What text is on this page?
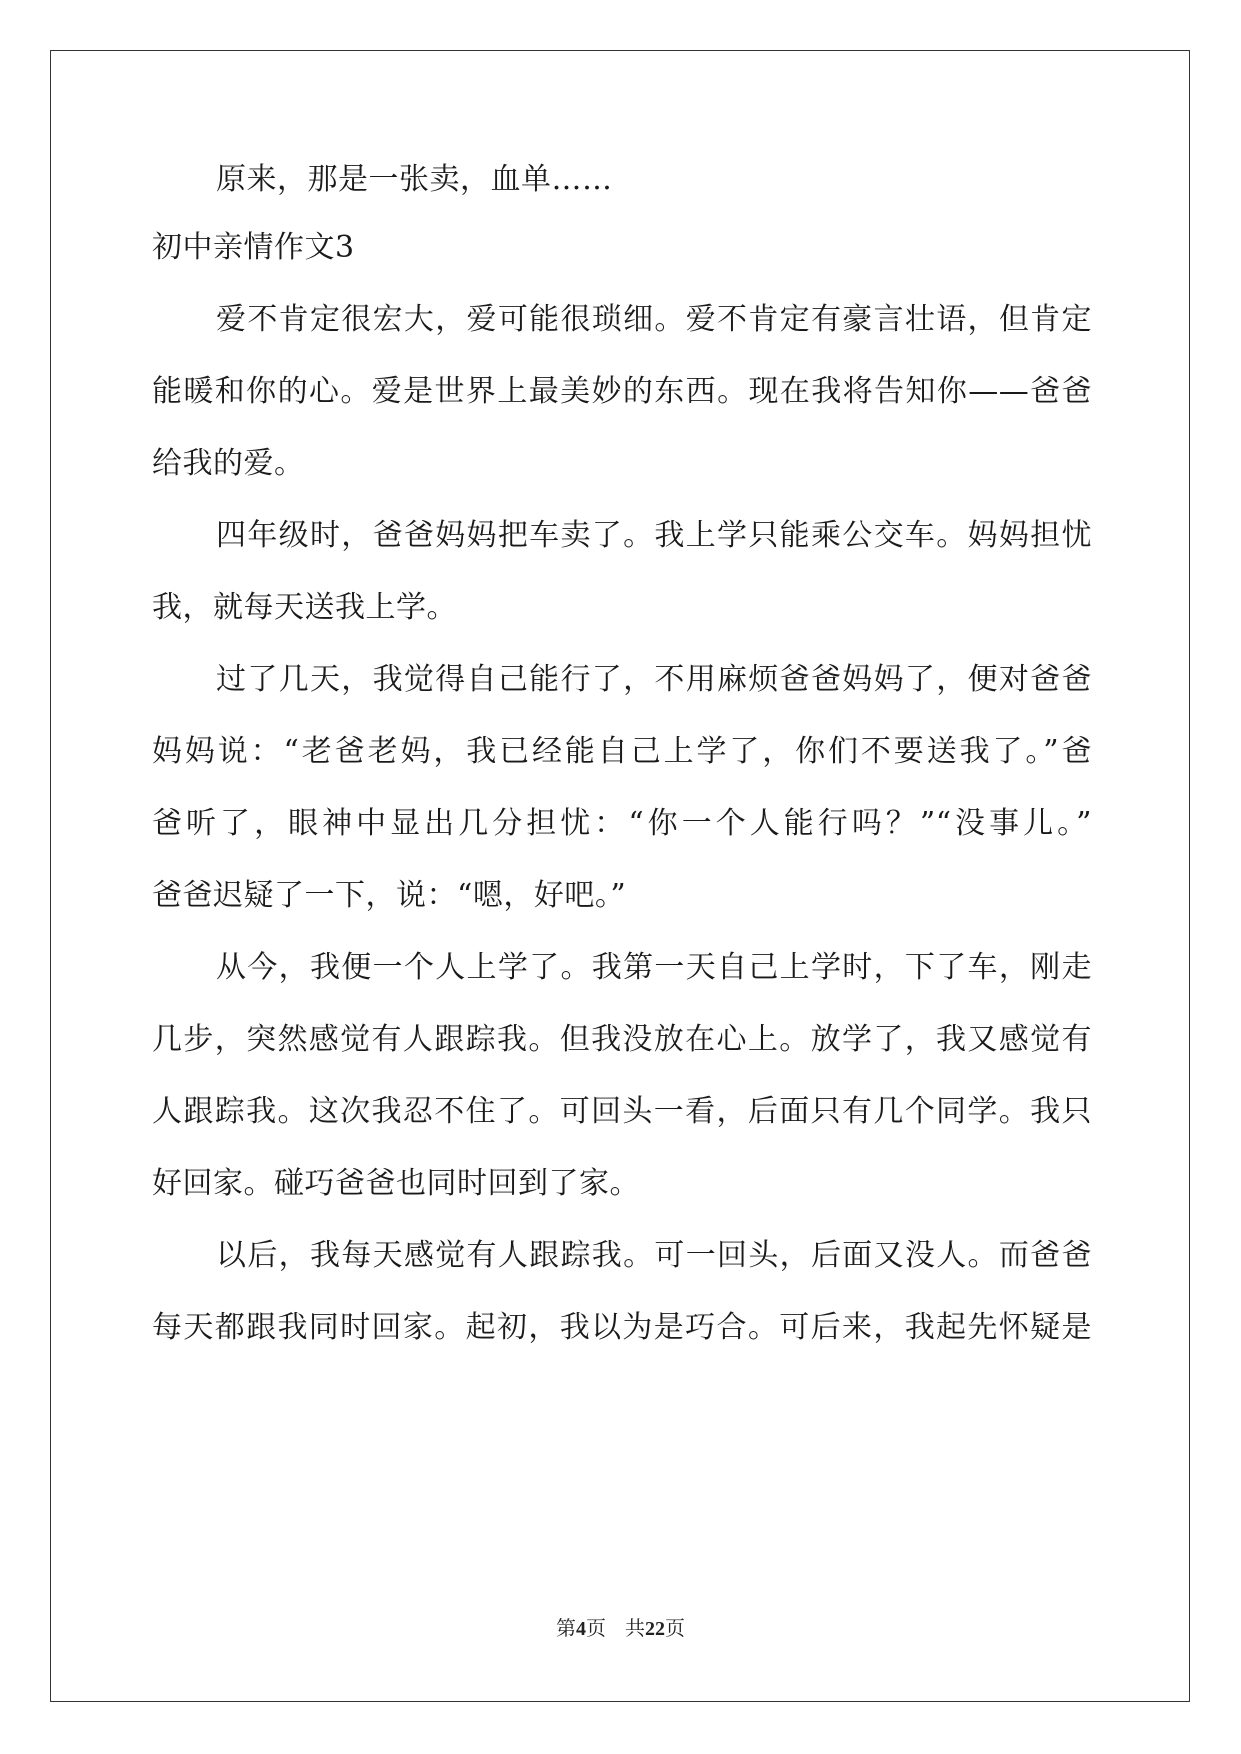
原来，那是一张卖，血单……
初中亲情作文3
爱不肯定很宏大，爱可能很琐细。爱不肯定有豪言壮语，但肯定
能暖和你的心。爱是世界上最美妙的东西。现在我将告知你——爸爸
给我的爱。
四年级时，爸爸妈妈把车卖了。我上学只能乘公交车。妈妈担忧
我，就每天送我上学。
过了几天，我觉得自己能行了，不用麻烦爸爸妈妈了，便对爸爸
妈妈说：“老爸老妈，我已经能自己上学了，你们不要送我了。”爸
爸听了，眼神中显出几分担忧：“你一个人能行吗？”“没事儿。”
爸爸迟疑了一下，说：“嗯，好吧。”
从今，我便一个人上学了。我第一天自己上学时，下了车，刚走
几步，突然感觉有人跟踪我。但我没放在心上。放学了，我又感觉有
人跟踪我。这次我忍不住了。可回头一看，后面只有几个同学。我只
好回家。碰巧爸爸也同时回到了家。
以后，我每天感觉有人跟踪我。可一回头，后面又没人。而爸爸
每天都跟我同时回家。起初，我以为是巧合。可后来，我起先怀疑是
第4页 共22页
